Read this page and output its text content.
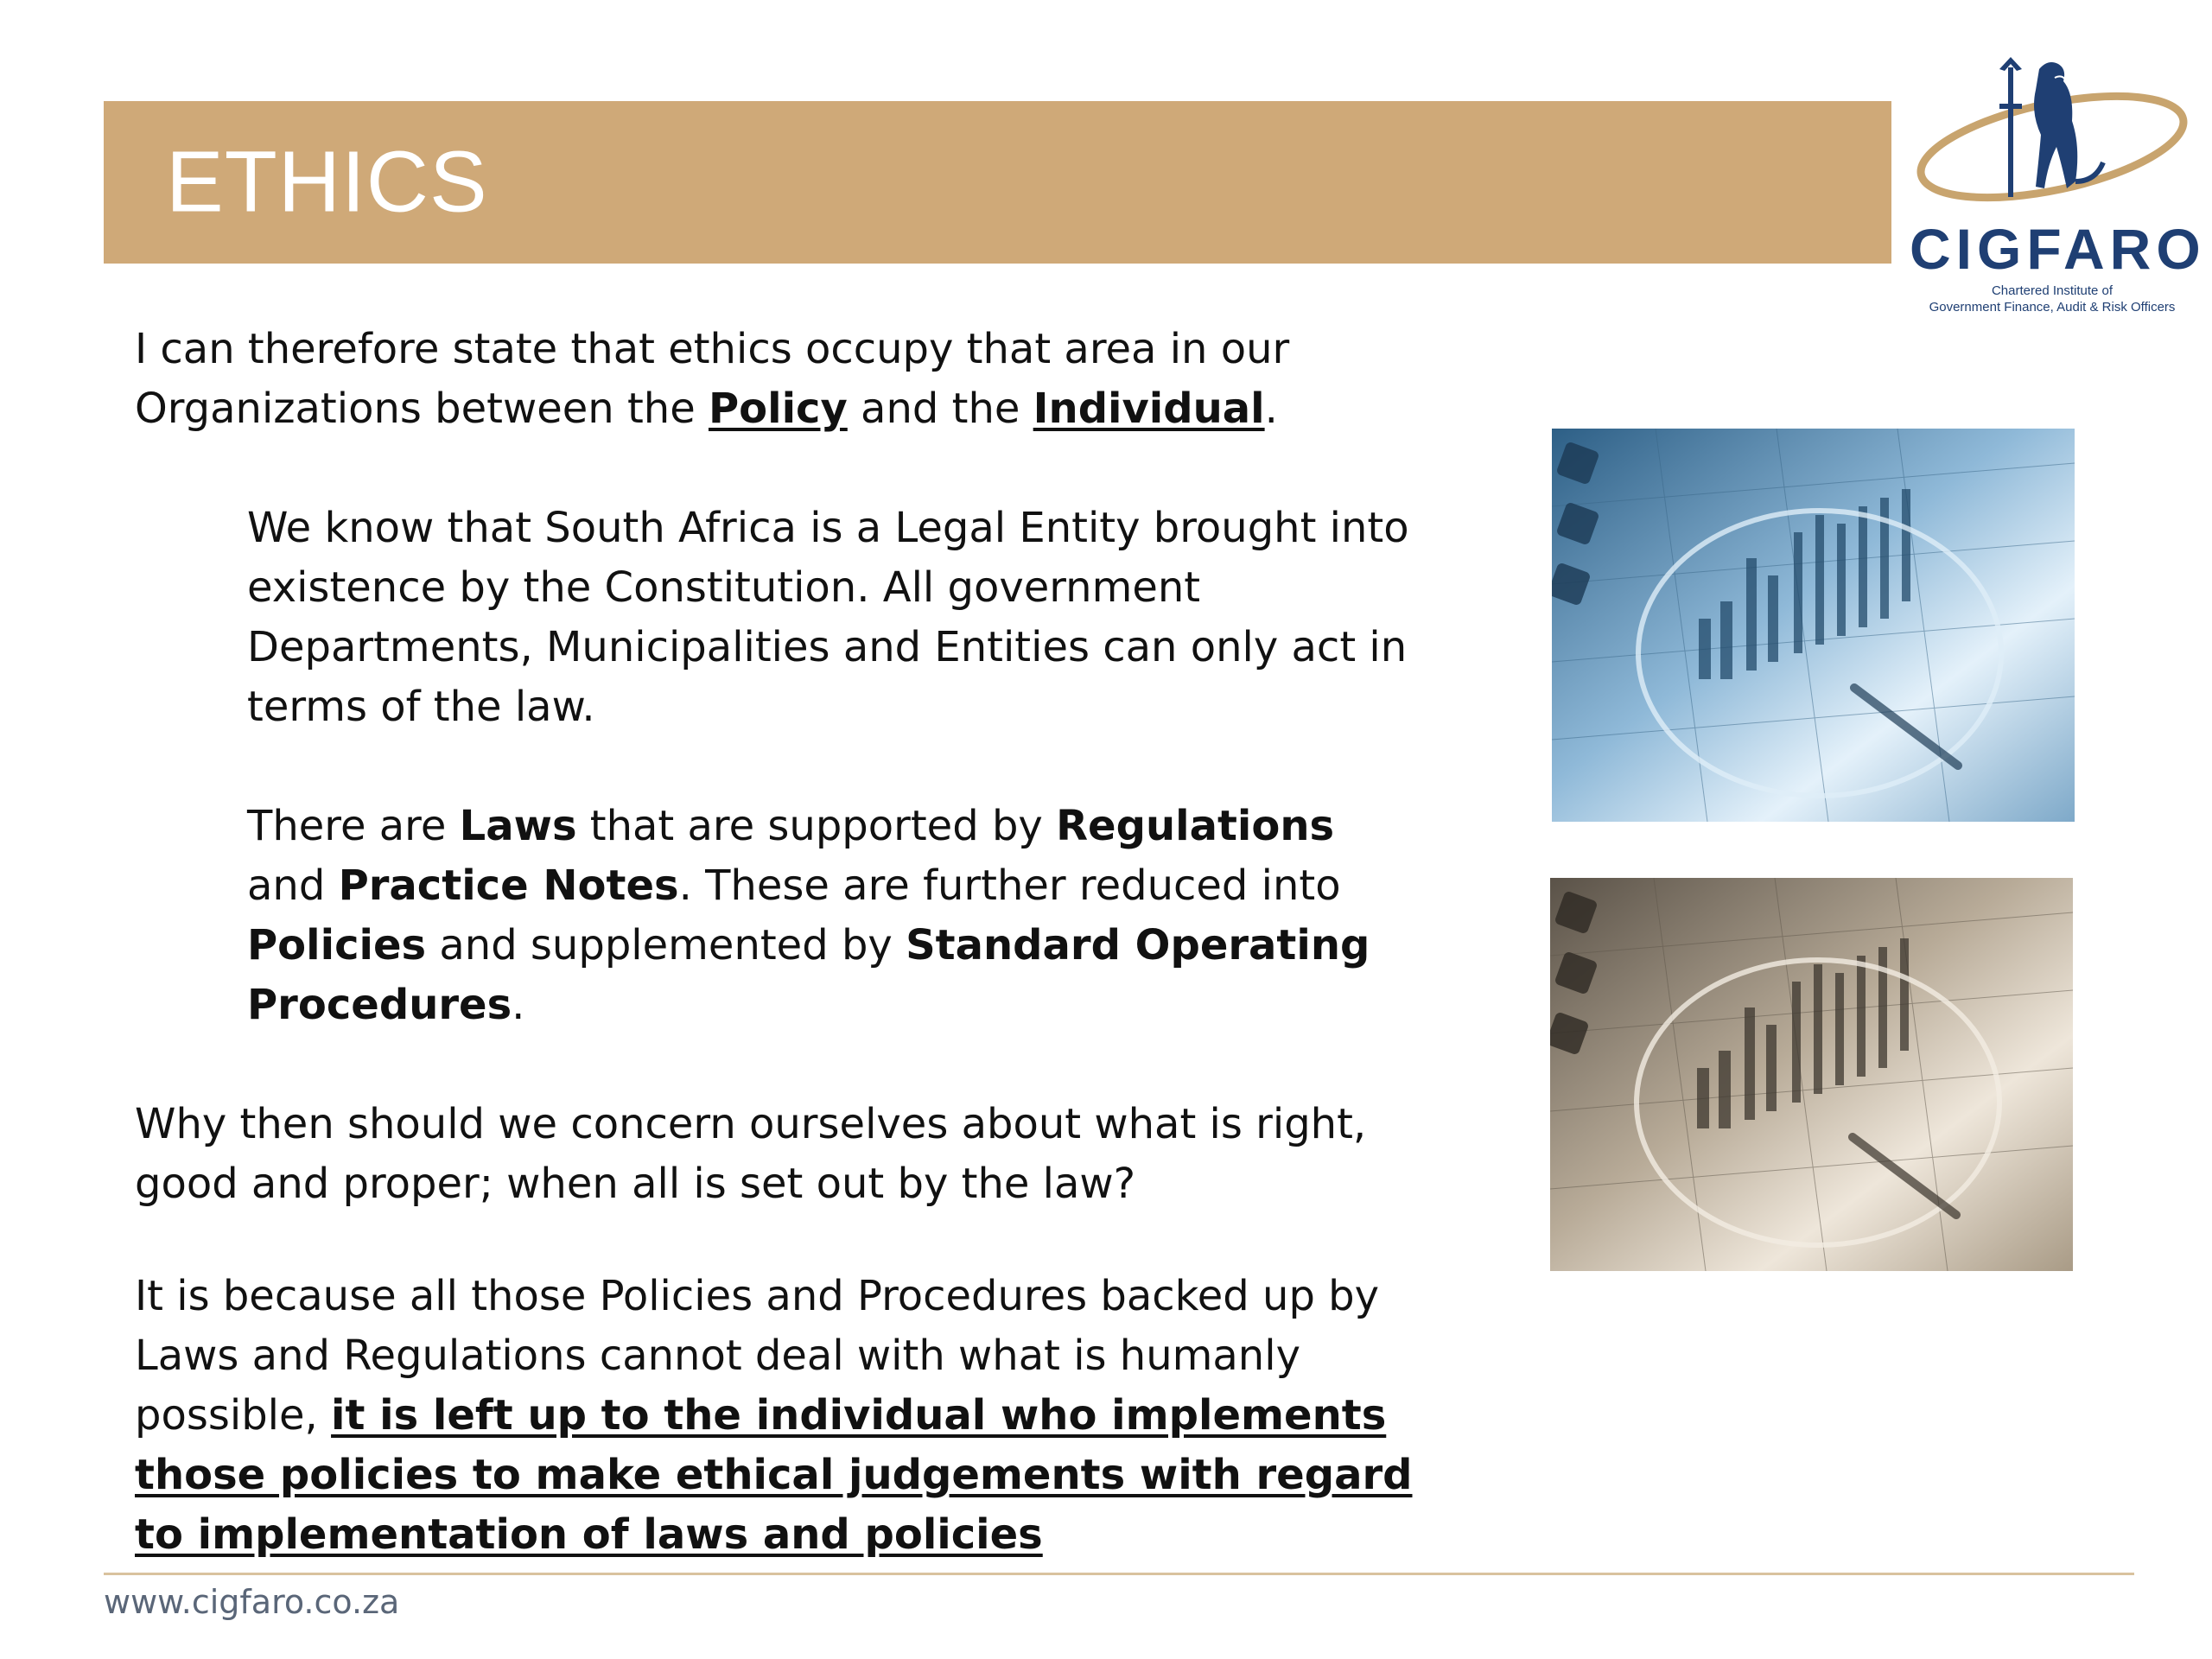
ETHICS
CIGFARO
Chartered Institute of
Government Finance, Audit & Risk Officers

I can therefore state that ethics occupy that area in our Organizations between the Policy and the Individual.

We know that South Africa is a Legal Entity brought into existence by the Constitution. All government Departments, Municipalities and Entities can only act in terms of the law.

There are Laws that are supported by Regulations and Practice Notes. These are further reduced into Policies and supplemented by Standard Operating Procedures.

Why then should we concern ourselves about what is right, good and proper; when all is set out by the law?

It is because all those Policies and Procedures backed up by Laws and Regulations cannot deal with what is humanly possible, it is left up to the individual who implements those policies to make ethical judgements with regard to implementation of laws and policies

www.cigfaro.co.za
